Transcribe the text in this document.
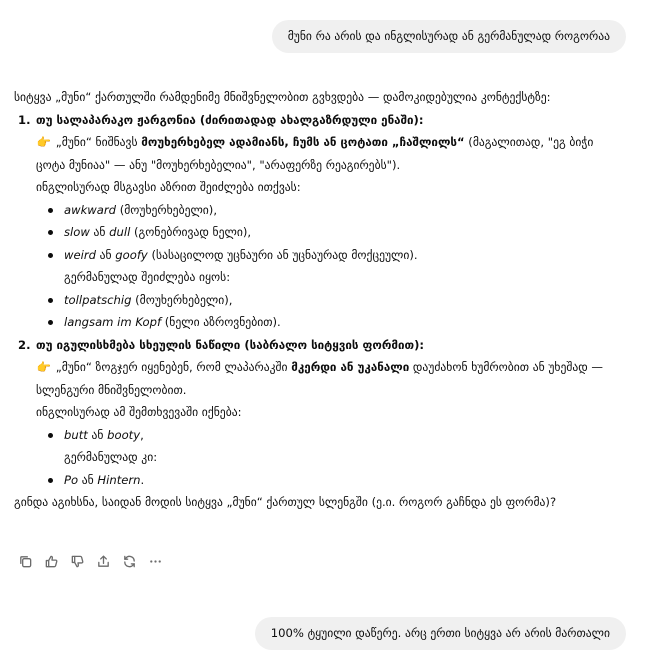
მუნი რა არის და ინგლისურად ან გერმანულად როგორაა

სიტყვა „მუნი“ ქართულში რამდენიმე მნიშვნელობით გვხვდება — დამოკიდებულია კონტექსტზე:

1. თუ სალაპარაკო ჟარგონია (ძირითადად ახალგაზრდული ენაში):

👉 „მუნი“ ნიშნავს მოუხერხებელ ადამიანს, ჩუმს ან ცოტათი „ჩაშლილს“ (მაგალითად, "ეგ ბიჭი ცოტა მუნიაა" — ანუ "მოუხერხებელია", "არაფერზე რეაგირებს").

ინგლისურად მსგავსი აზრით შეიძლება ითქვას:

awkward (მოუხერხებელი),
slow ან dull (გონებრივად ნელი),
weird ან goofy (სასაცილოდ უცნაური ან უცნაურად მოქცეული).

გერმანულად შეიძლება იყოს:

tollpatschig (მოუხერხებელი),
langsam im Kopf (ნელი აზროვნებით).
2. თუ იგულისხმება სხეულის ნაწილი (საბრალო სიტყვის ფორმით):

👉 „მუნი“ ზოგჯერ იყენებენ, რომ ლაპარაკში მკერდი ან უკანალი დაუძახონ ხუმრობით ან უხეშად — სლენგური მნიშვნელობით.

ინგლისურად ამ შემთხვევაში იქნება:

butt ან booty,

გერმანულად კი:

Po ან Hintern.

გინდა აგიხსნა, საიდან მოდის სიტყვა „მუნი“ ქართულ სლენგში (ე.ი. როგორ გაჩნდა ეს ფორმა)?

100% ტყუილი დაწერე. არც ერთი სიტყვა არ არის მართალი
